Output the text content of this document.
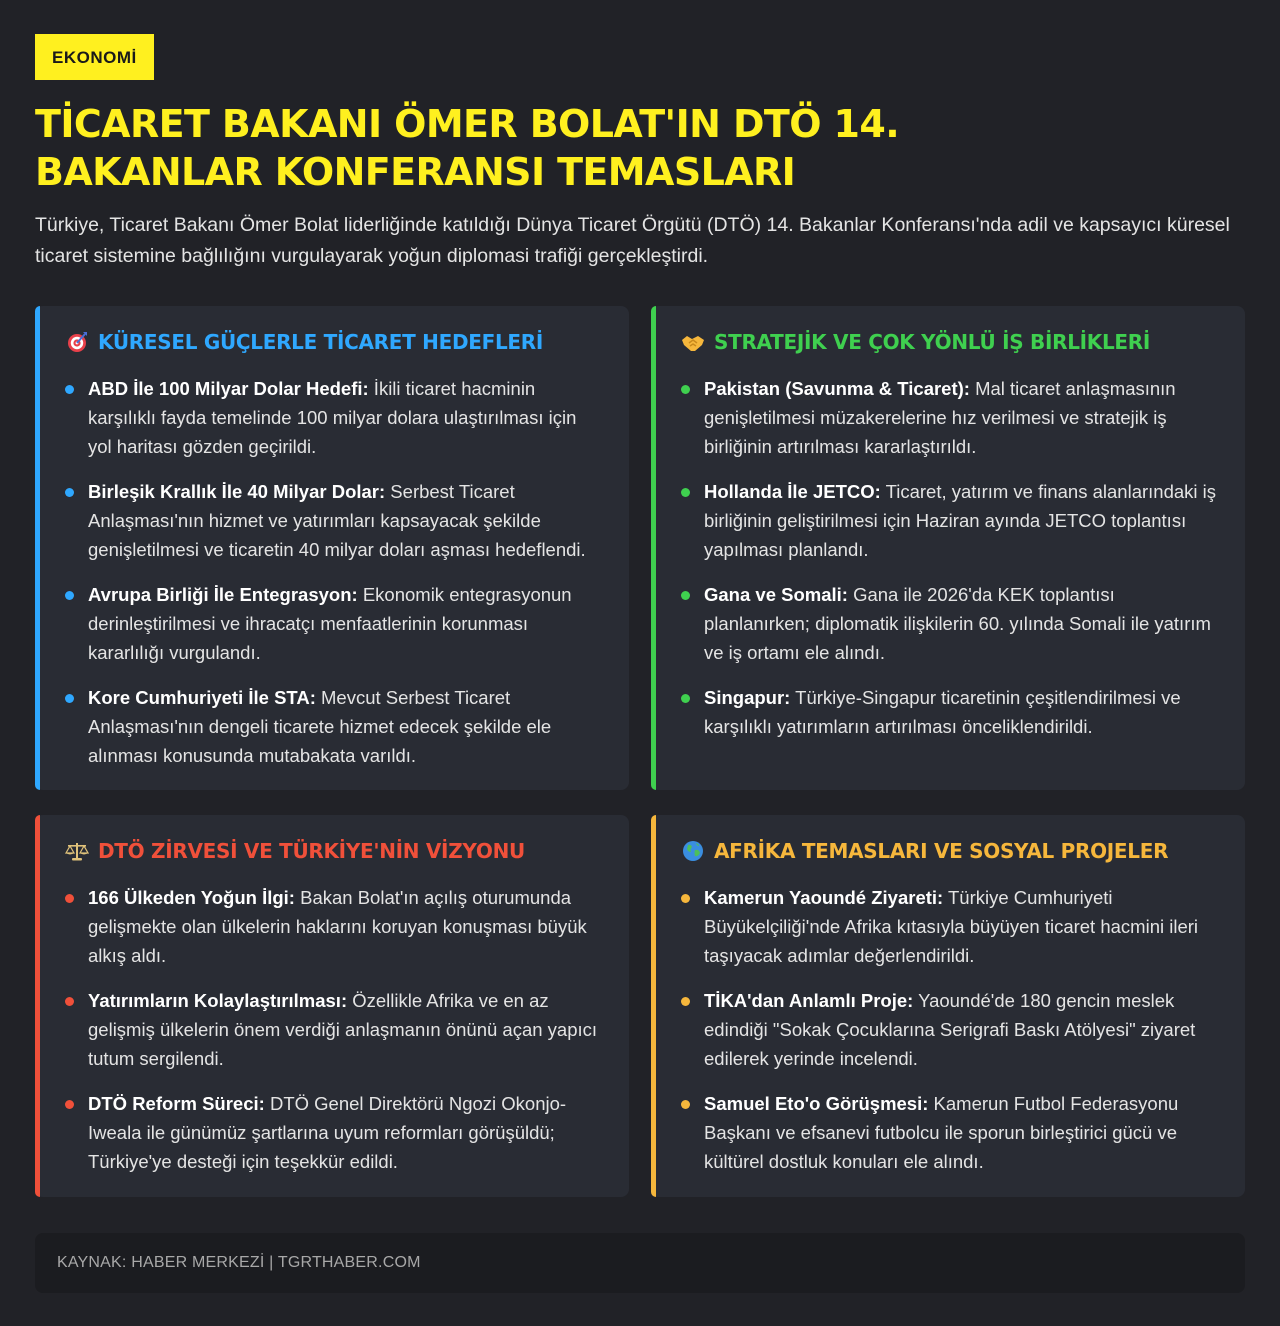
EKONOMİ
TİCARET BAKANI ÖMER BOLAT'IN DTÖ 14. BAKANLAR KONFERANSI TEMASLARI

Türkiye, Ticaret Bakanı Ömer Bolat liderliğinde katıldığı Dünya Ticaret Örgütü (DTÖ) 14. Bakanlar Konferansı'nda adil ve kapsayıcı küresel ticaret sistemine bağlılığını vurgulayarak yoğun diplomasi trafiği gerçekleştirdi.

KÜRESEL GÜÇLERLE TİCARET HEDEFLERİ
ABD İle 100 Milyar Dolar Hedefi: İkili ticaret hacminin karşılıklı fayda temelinde 100 milyar dolara ulaştırılması için yol haritası gözden geçirildi.
Birleşik Krallık İle 40 Milyar Dolar: Serbest Ticaret Anlaşması'nın hizmet ve yatırımları kapsayacak şekilde genişletilmesi ve ticaretin 40 milyar doları aşması hedeflendi.
Avrupa Birliği İle Entegrasyon: Ekonomik entegrasyonun derinleştirilmesi ve ihracatçı menfaatlerinin korunması kararlılığı vurgulandı.
Kore Cumhuriyeti İle STA: Mevcut Serbest Ticaret Anlaşması'nın dengeli ticarete hizmet edecek şekilde ele alınması konusunda mutabakata varıldı.
STRATEJİK VE ÇOK YÖNLÜ İŞ BİRLİKLERİ
Pakistan (Savunma & Ticaret): Mal ticaret anlaşmasının genişletilmesi müzakerelerine hız verilmesi ve stratejik iş birliğinin artırılması kararlaştırıldı.
Hollanda İle JETCO: Ticaret, yatırım ve finans alanlarındaki iş birliğinin geliştirilmesi için Haziran ayında JETCO toplantısı yapılması planlandı.
Gana ve Somali: Gana ile 2026'da KEK toplantısı planlanırken; diplomatik ilişkilerin 60. yılında Somali ile yatırım ve iş ortamı ele alındı.
Singapur: Türkiye-Singapur ticaretinin çeşitlendirilmesi ve karşılıklı yatırımların artırılması önceliklendirildi.
DTÖ ZİRVESİ VE TÜRKİYE'NİN VİZYONU
166 Ülkeden Yoğun İlgi: Bakan Bolat'ın açılış oturumunda gelişmekte olan ülkelerin haklarını koruyan konuşması büyük alkış aldı.
Yatırımların Kolaylaştırılması: Özellikle Afrika ve en az gelişmiş ülkelerin önem verdiği anlaşmanın önünü açan yapıcı tutum sergilendi.
DTÖ Reform Süreci: DTÖ Genel Direktörü Ngozi Okonjo-Iweala ile günümüz şartlarına uyum reformları görüşüldü; Türkiye'ye desteği için teşekkür edildi.
AFRİKA TEMASLARI VE SOSYAL PROJELER
Kamerun Yaoundé Ziyareti: Türkiye Cumhuriyeti Büyükelçiliği'nde Afrika kıtasıyla büyüyen ticaret hacmini ileri taşıyacak adımlar değerlendirildi.
TİKA'dan Anlamlı Proje: Yaoundé'de 180 gencin meslek edindiği "Sokak Çocuklarına Serigrafi Baskı Atölyesi" ziyaret edilerek yerinde incelendi.
Samuel Eto'o Görüşmesi: Kamerun Futbol Federasyonu Başkanı ve efsanevi futbolcu ile sporun birleştirici gücü ve kültürel dostluk konuları ele alındı.
KAYNAK: HABER MERKEZİ | TGRTHABER.COM
